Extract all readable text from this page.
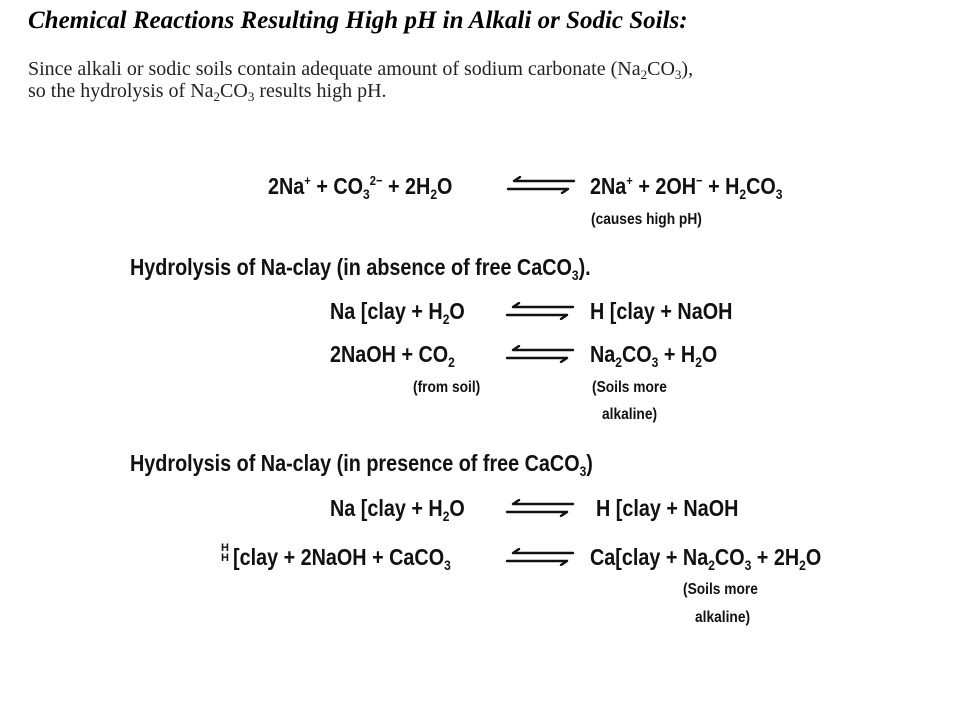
Chemical Reactions Resulting High pH in Alkali or Sodic Soils:

Since alkali or sodic soils contain adequate amount of sodium carbonate $(Na_2CO_3)$,
so the hydrolysis of $Na_2CO_3$ results high pH.

$2Na^+ + CO_3^{2-} + 2H_2O$	$2Na^+ + 2OH^- + H_2CO_3$
(causes high pH)
Hydrolysis of Na-clay (in absence of free CaCO$_3$).
Na [clay + $H_2O$	H [clay + NaOH
2NaOH + $CO_2$	$Na_2CO_3 + H_2O$
(from soil)	(Soils more
alkaline)
Hydrolysis of Na-clay (in presence of free CaCO$_3$)
Na [clay + $H_2O$	H [clay + NaOH
H
H [clay + 2NaOH + CaCO$_3$	Ca[clay + $Na_2CO_3 + 2H_2O$
(Soils more
alkaline)
